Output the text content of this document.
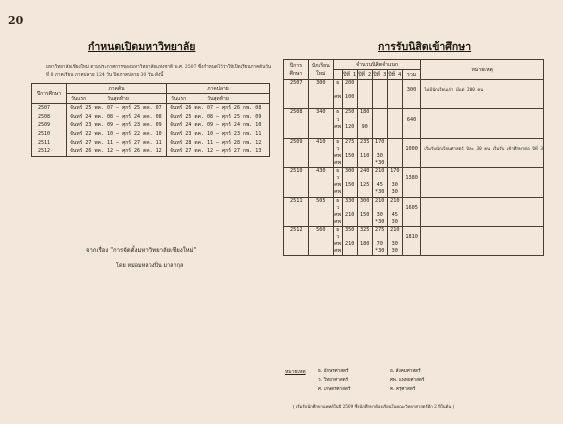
20
กำหนดเปิดมหาวิทยาลัย
มหาวิทยาลัยเชียงใหม่ ตามประกาศการของมหาวิทยาลัยแห่งชาติ พ.ศ. 2507 ซึ่งกำหนดไว้ว่าให้เปิดเรียนภาคต้นวันที่ 8 ภาคเรียน ภาคปลาย 124 วัน ปิดภาคปลาย 30 วัน ดังนี้
ปีการศึกษา	ภาคต้น	ภาคปลาย
	วันแรก วันสุดท้าย	วันแรก วันสุดท้าย
2507	จันทร์ 25 พค. 07 – ศุกร์ 25 ตค. 07	จันทร์ 26 ตค. 07 – ศุกร์ 26 กพ. 08
2508	จันทร์ 24 พค. 08 – ศุกร์ 24 ตค. 08	จันทร์ 25 ตค. 08 – ศุกร์ 25 กพ. 09
2509	จันทร์ 23 พค. 09 – ศุกร์ 23 ตค. 09	จันทร์ 24 ตค. 09 – ศุกร์ 24 กพ. 10
2510	จันทร์ 22 พค. 10 – ศุกร์ 22 ตค. 10	จันทร์ 23 ตค. 10 – ศุกร์ 23 กพ. 11
2511	จันทร์ 27 พค. 11 – ศุกร์ 27 ตค. 11	จันทร์ 28 ตค. 11 – ศุกร์ 28 กพ. 12
2512	จันทร์ 26 พค. 12 – ศุกร์ 26 ตค. 12	จันทร์ 27 ตค. 12 – ศุกร์ 27 กพ. 13
จากเรื่อง "การจัดตั้งมหาวิทยาลัยเชียงใหม่"
โดย หม่อมหลวงปิ่น มาลากุล
การรับนิสิตเข้าศึกษา
ปีการศึกษา	นักเรียนใหม่	จำนวนนิสิตจำแนก						หมายเหตุ
			ปีที่ 1	ปีที่ 2	ปีที่ 3	ปีที่ 4	รวม	
2507	300	ธ	200					
							300	ไม่มีนักเรียนเก่า มีแต่ 200 คน
		ศพ	100					

2508	340	ธ	250	180				
		ว					640	
		ศพ	120	90				

2509	410	ธ	275	235	170			
		ว					1000	เริ่มรับนักเรียนศาสตร์ ปีละ 30 คน เริ่มรับ เข้าศึกษาต่อ ปีที่ 3
		ศพ	150	110	30			
		ศพ			*30			
2510	430	ธ	300	240	210	170		
		ว					1380	
		ศพ	150	125	45	30		
		ศพ			*30	30		
2511	505	ธ	330	300	210	210		
		ว					1605	
		ศพ	210	150	30	45		
		ศพ			*30	30		
2512	560	ธ	350	325	275	210		
		ว					1810	
		ศพ	210	180	70	30		
		ศพ			*30	30		
หมายเหตุ	ธ. อักษรศาสตร์
ว. วิทยาศาสตร์
ศ. เกษตรศาสตร์
อ. สังคมศาสตร์
ศพ. แพทยศาสตร์
ค. ครุศาสตร์
( เริ่มรับนักศึกษาแพทย์ในปี 2509 ซึ่งนักศึกษาต้องเรียนในคณะวิทยาศาสตร์อีก 2 ปีในต้น )
